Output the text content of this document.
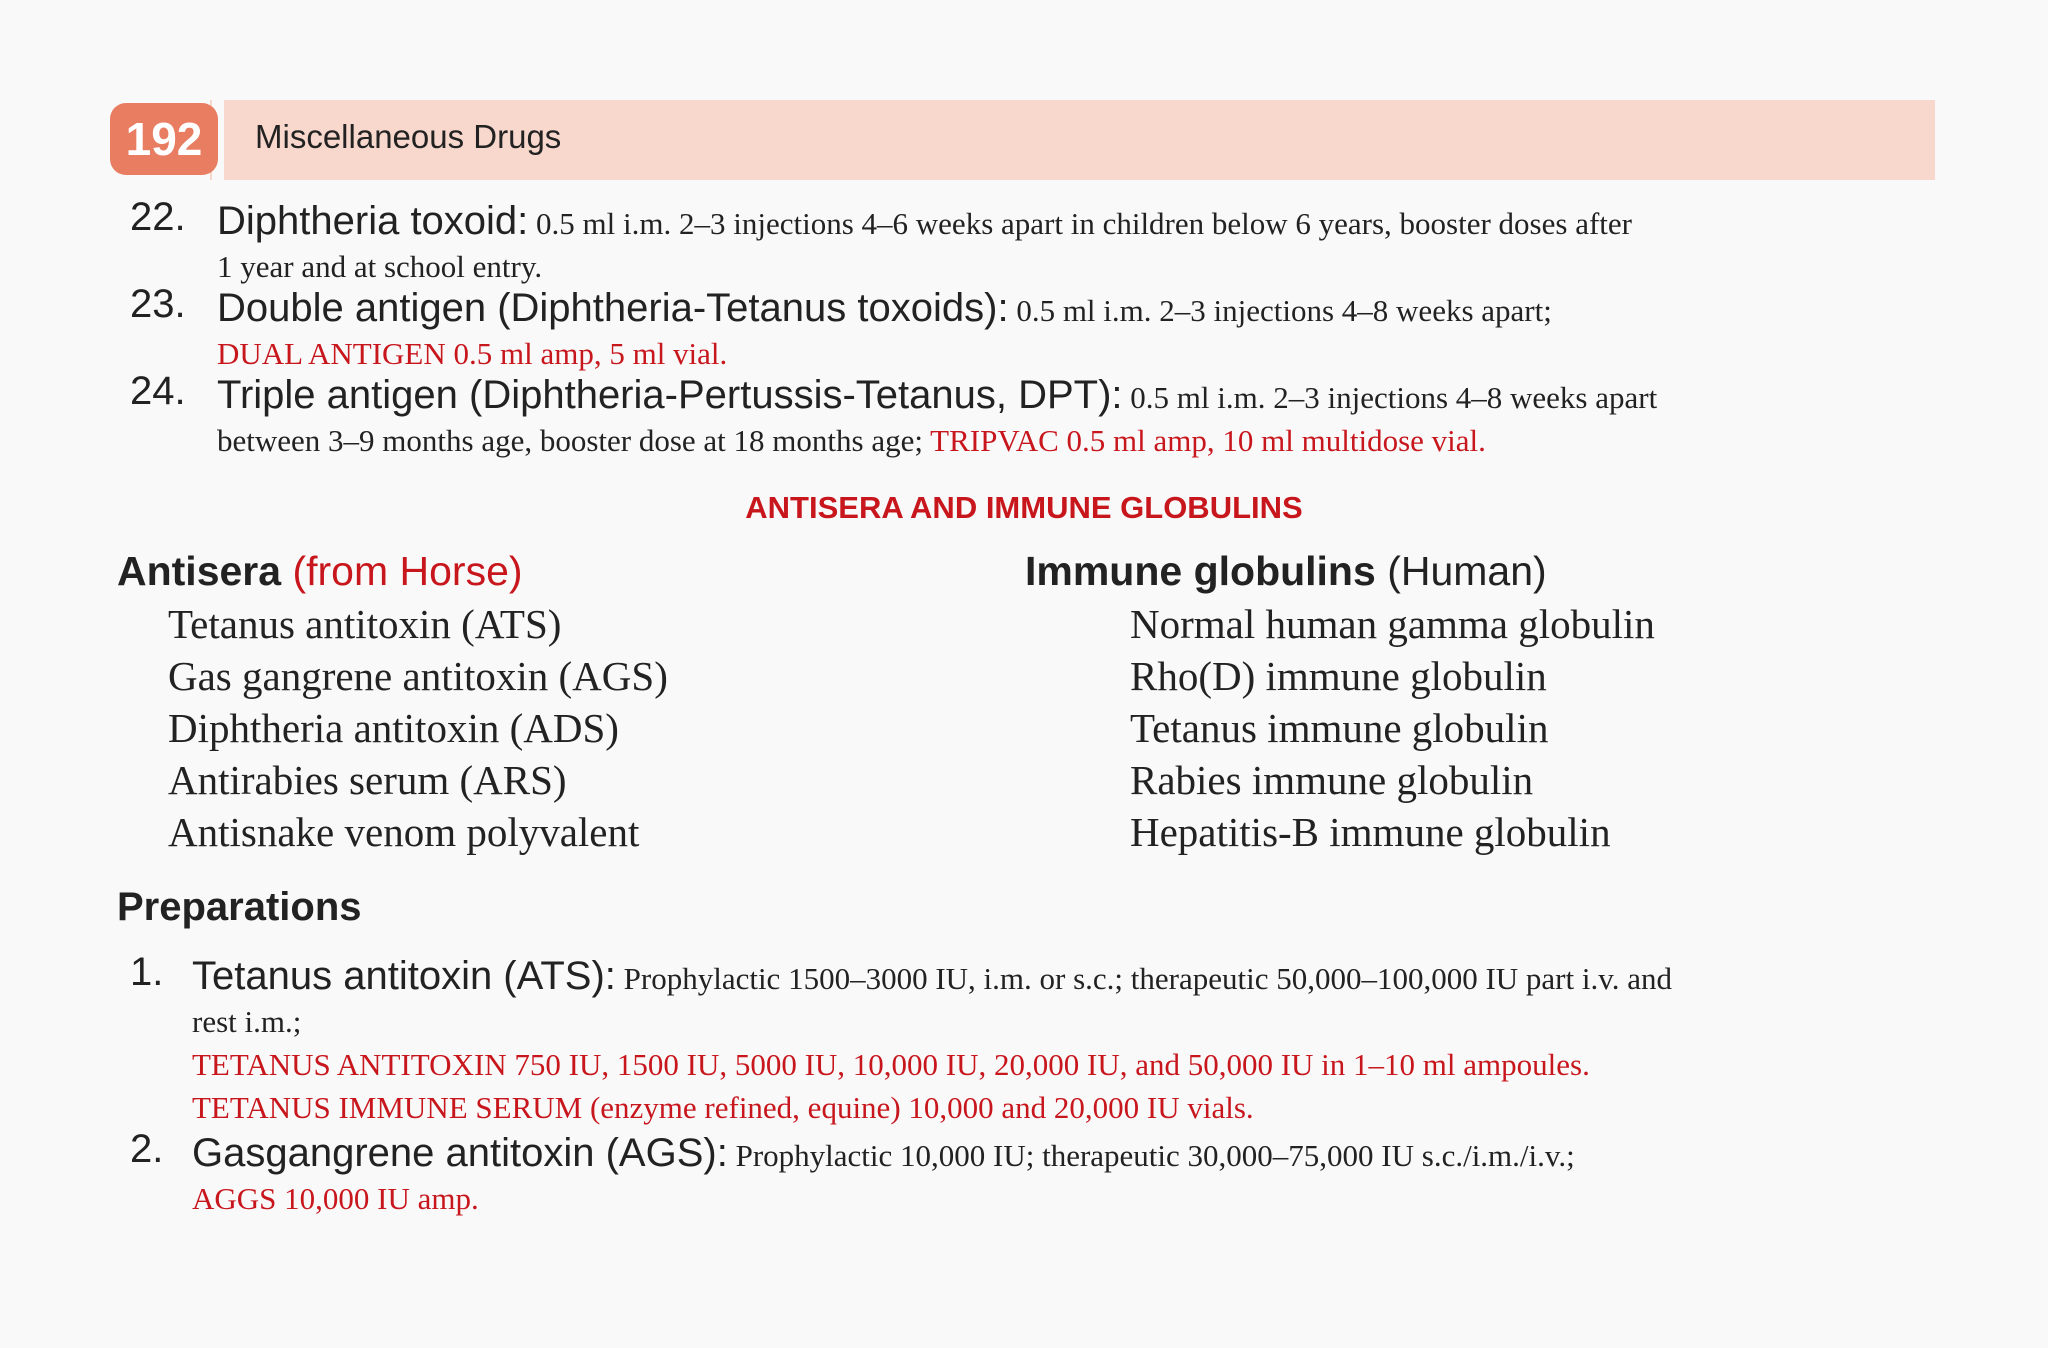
192	Miscellaneous Drugs
22. Diphtheria toxoid: 0.5 ml i.m. 2–3 injections 4–6 weeks apart in children below 6 years, booster doses after
1 year and at school entry.
23. Double antigen (Diphtheria-Tetanus toxoids): 0.5 ml i.m. 2–3 injections 4–8 weeks apart;
DUAL ANTIGEN 0.5 ml amp, 5 ml vial.
24. Triple antigen (Diphtheria-Pertussis-Tetanus, DPT): 0.5 ml i.m. 2–3 injections 4–8 weeks apart
between 3–9 months age, booster dose at 18 months age; TRIPVAC 0.5 ml amp, 10 ml multidose vial.
ANTISERA AND IMMUNE GLOBULINS
Antisera (from Horse)
Tetanus antitoxin (ATS)
Gas gangrene antitoxin (AGS)
Diphtheria antitoxin (ADS)
Antirabies serum (ARS)
Antisnake venom polyvalent
Immune globulins (Human)
Normal human gamma globulin
Rho(D) immune globulin
Tetanus immune globulin
Rabies immune globulin
Hepatitis-B immune globulin
Preparations
1. Tetanus antitoxin (ATS): Prophylactic 1500–3000 IU, i.m. or s.c.; therapeutic 50,000–100,000 IU part i.v. and
rest i.m.;
TETANUS ANTITOXIN 750 IU, 1500 IU, 5000 IU, 10,000 IU, 20,000 IU, and 50,000 IU in 1–10 ml ampoules.
TETANUS IMMUNE SERUM (enzyme refined, equine) 10,000 and 20,000 IU vials.
2. Gasgangrene antitoxin (AGS): Prophylactic 10,000 IU; therapeutic 30,000–75,000 IU s.c./i.m./i.v.;
AGGS 10,000 IU amp.
